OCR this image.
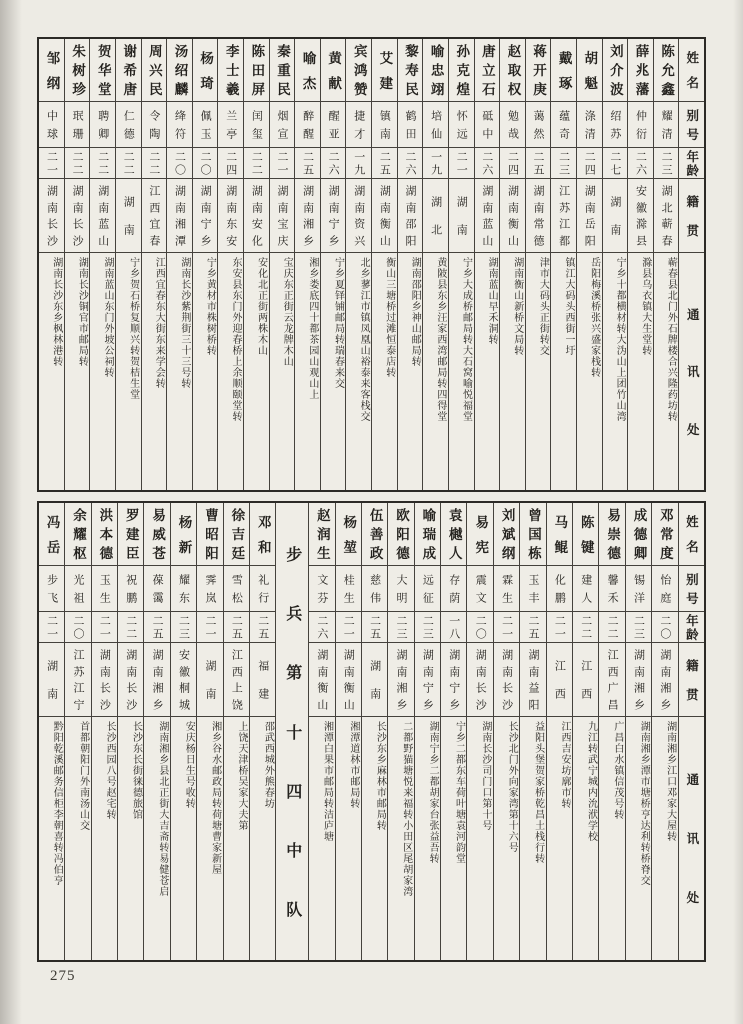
姓
名
别
号
年
龄
籍
贯
通
讯
处
陈
允
鑫
耀
清
二
三
湖
北
蕲
春
蕲春县北门外石牌楼合兴隆药坊转
薛
兆
藩
仲
衍
二
六
安
徽
滁
县
滁县乌衣镇大生堂转
刘
介
波
绍
苏
二
七
湖
南
宁乡十都横材转大沩山上团竹山湾
胡
魁
涤
清
二
四
湖
南
岳
阳
岳阳梅溪桥张兴盛家栈转
戴
琢
蕴
奇
二
三
江
苏
江
都
镇江大码头西街一圩
蒋
开
庚
蔼
然
二
五
湖
南
常
德
津市大码头正街转交
赵
取
权
勉
哉
二
四
湖
南
衡
山
湖南衡山新桥文局转
唐
立
石
砥
中
二
六
湖
南
蓝
山
湖南蓝山早禾洞转
孙
克
煌
怀
远
二
一
湖
南
宁乡大成桥邮局转大石窝喻悦福堂
喻
忠
翊
培
仙
一
九
湖
北
黄陂县东乡汪家西湾邮局转四得堂
黎
寿
民
鹤
田
二
六
湖
南
邵
阳
湖南邵阳乡神山邮局转
艾
建
镇
南
二
五
湖
南
衡
山
衡山三塘桥过滩恒泰店转
宾
鸿
赞
捷
才
一
九
湖
南
资
兴
北乡蓼江市镇凤凰山裕泰来客栈交
黄
献
醒
亚
二
六
湖
南
宁
乡
宁乡夏铎铺邮局转瑞春来交
喻
杰
醉
醒
二
五
湖
南
湘
乡
湘乡娄底四十都茶园山观山上
秦
重
民
烟
宣
二
一
湖
南
宝
庆
宝庆东正街云龙牌木山
陈
田
屏
闰
玺
二
二
湖
南
安
化
安化北正街两株木山
李
士
羲
兰
亭
二
四
湖
南
东
安
东安县东门外迎春桥上余顺颐堂转
杨
琦
佩
玉
二
〇
湖
南
宁
乡
宁乡黄材市株树桥转
汤
绍
麟
绛
符
二
〇
湖
南
湘
潭
湖南长沙紫荆街三十三号转
周
兴
民
令
陶
二
二
江
西
宜
春
江西宜春东大街东来学会转
谢
希
唐
仁
德
二
二
湖
南
宁乡贺石桥复顺兴转贺桔生堂
贺
华
堂
聘
卿
二
二
湖
南
蓝
山
湖南蓝山东门外坡公祠转
朱
树
珍
珉
珊
二
二
湖
南
长
沙
湖南长沙铜官市邮局转
邹
纲
中
球
二
一
湖
南
长
沙
湖南长沙东乡枫林港转
姓
名
别
号
年
龄
籍
贯
通
讯
处
邓
常
度
怡
庭
二
〇
湖
南
湘
乡
湖南湘乡江口邓家大屋转
成
德
卿
锡
洋
二
三
湖
南
湘
乡
湖南湘乡潭市塘桥亨达利转桥脊交
易
崇
德
馨
禾
二
二
江
西
广
昌
广昌白水镇信茂号转
陈
键
建
人
二
二
江
西
九江转武宁城内沇洑学校
马
鲲
化
鹏
二
一
江
西
江西吉安坊廓市转
曾
国
栋
玉
丰
二
五
湖
南
益
阳
益阳头堡贺家桥乾昌土栈行转
刘
斌
纲
霖
生
二
一
湖
南
长
沙
长沙北门外向家湾第十六号
易
宪
震
文
二
〇
湖
南
长
沙
湖南长沙司门口第十号
袁
樾
人
存
荫
一
八
湖
南
宁
乡
宁乡二都东车荷叶塘袁河韵堂
喻
瑞
成
远
征
二
三
湖
南
宁
乡
湖南宁乡二都胡家台张益吾转
欧
阳
德
大
明
二
三
湖
南
湘
乡
二都野猫塘悦来福转小田区尾胡家湾
伍
善
政
慈
伟
二
五
湖
南
长沙东乡麻林市邮局转
杨
堃
桂
生
二
一
湖
南
衡
山
湘潭道林市邮局转
赵
润
生
文
芬
二
六
湖
南
衡
山
湘潭白果市邮局转洁庐塘
步
兵
第
十
四
中
队
邓
和
礼
行
二
五
福
建
邵武西城外熊春坊
徐
吉
廷
雪
松
二
五
江
西
上
饶
上饶天津桥吴家大夫第
曹
昭
阳
霁
岚
二
一
湖
南
湘乡谷水邮政局转荷塘曹家新屋
杨
新
耀
东
二
三
安
徽
桐
城
安庆杨日生号收转
易
威
苍
葆
霭
二
五
湖
南
湘
乡
湖南湘乡县北正街大吉斋转易健苍启
罗
建
臣
祝
鹏
二
二
湖
南
长
沙
长沙东长街徕德旅馆
洪
本
德
玉
生
二
一
湖
南
长
沙
长沙西园八号赵宅转
余
耀
枢
光
祖
二
〇
江
苏
江
宁
首都朝阳门外南汤山交
冯
岳
步
飞
二
一
湖
南
黔阳乾溪邮务信柜李朝喜转冯伯亨
275
